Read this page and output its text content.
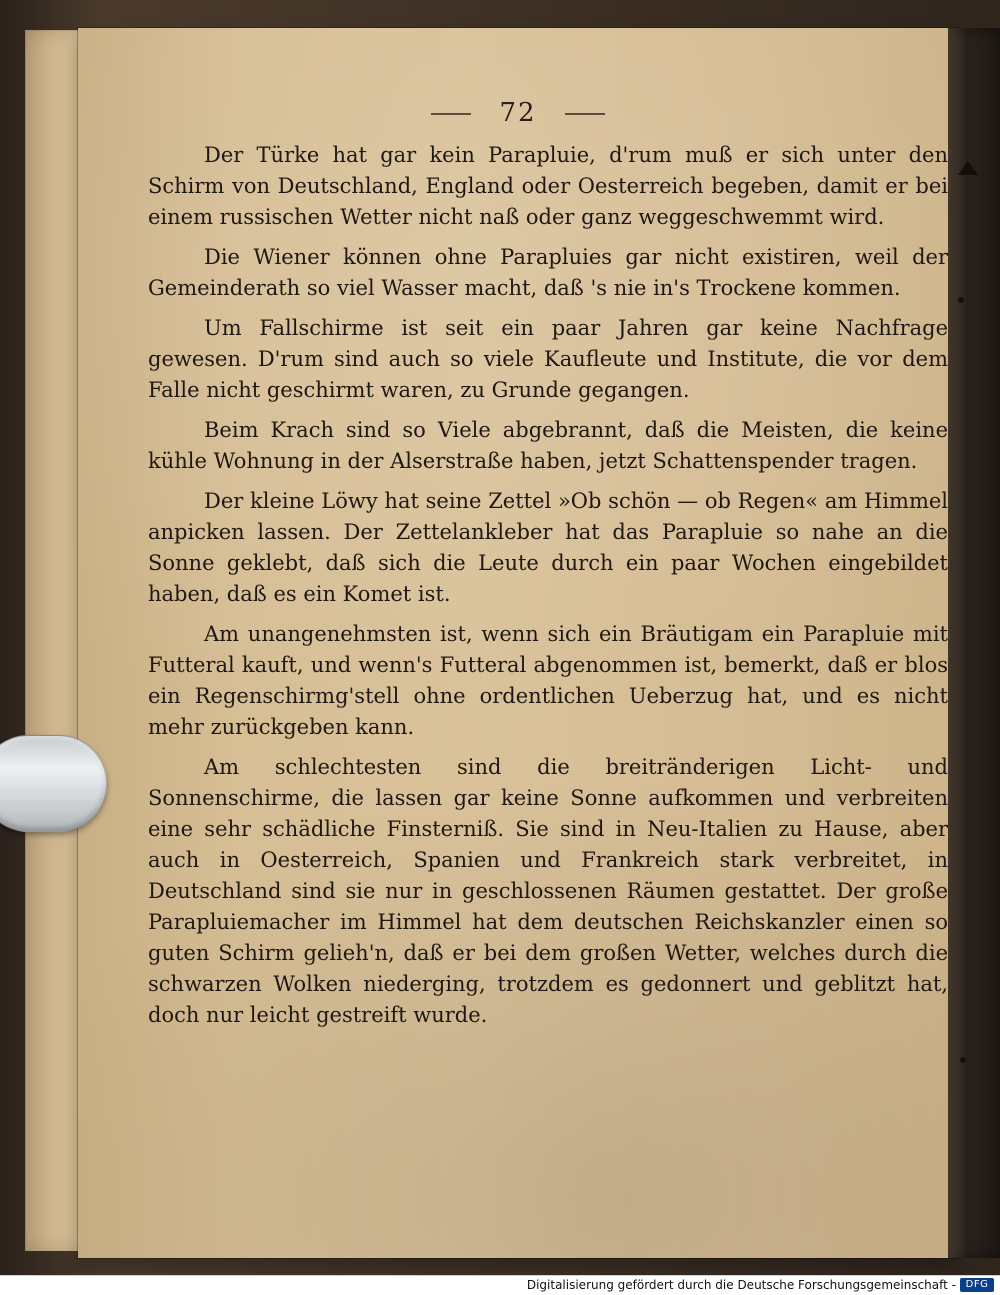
72

Der Türke hat gar kein Parapluie, d'rum muß er sich unter den Schirm von Deutschland, England oder Oesterreich begeben, damit er bei einem russischen Wetter nicht naß oder ganz weggeschwemmt wird.

Die Wiener können ohne Parapluies gar nicht existiren, weil der Gemeinderath so viel Wasser macht, daß 's nie in's Trockene kommen.

Um Fallschirme ist seit ein paar Jahren gar keine Nachfrage gewesen. D'rum sind auch so viele Kaufleute und Institute, die vor dem Falle nicht geschirmt waren, zu Grunde gegangen.

Beim Krach sind so Viele abgebrannt, daß die Meisten, die keine kühle Wohnung in der Alserstraße haben, jetzt Schattenspender tragen.

Der kleine Löwy hat seine Zettel »Ob schön — ob Regen« am Himmel anpicken lassen. Der Zettelankleber hat das Parapluie so nahe an die Sonne geklebt, daß sich die Leute durch ein paar Wochen eingebildet haben, daß es ein Komet ist.

Am unangenehmsten ist, wenn sich ein Bräutigam ein Parapluie mit Futteral kauft, und wenn's Futteral abgenommen ist, bemerkt, daß er blos ein Regenschirmg'stell ohne ordentlichen Ueberzug hat, und es nicht mehr zurückgeben kann.

Am schlechtesten sind die breitränderigen Licht- und Sonnenschirme, die lassen gar keine Sonne aufkommen und verbreiten eine sehr schädliche Finsterniß. Sie sind in Neu-Italien zu Hause, aber auch in Oesterreich, Spanien und Frankreich stark verbreitet, in Deutschland sind sie nur in geschlossenen Räumen gestattet. Der große Parapluiemacher im Himmel hat dem deutschen Reichskanzler einen so guten Schirm gelieh'n, daß er bei dem großen Wetter, welches durch die schwarzen Wolken niederging, trotzdem es gedonnert und geblitzt hat, doch nur leicht gestreift wurde.

Digitalisierung gefördert durch die Deutsche Forschungsgemeinschaft - DFG
